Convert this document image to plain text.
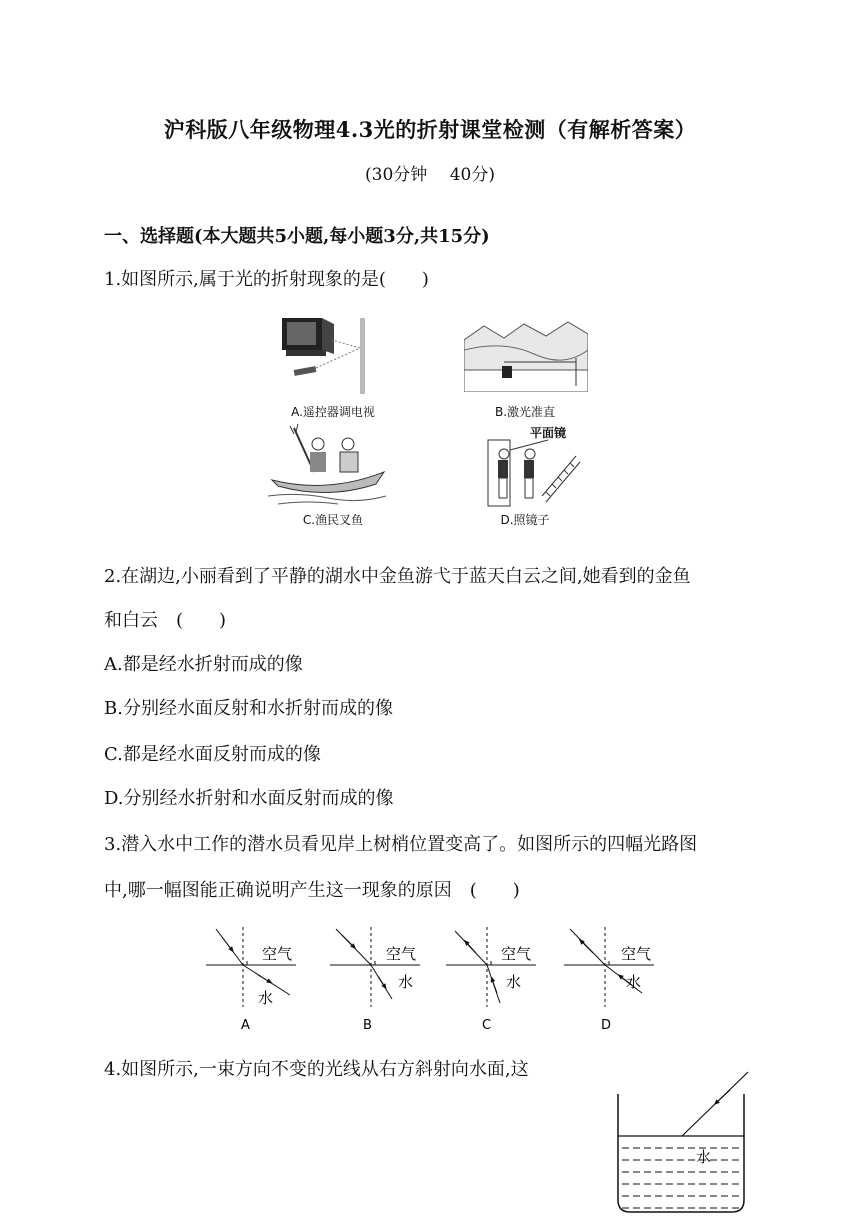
沪科版八年级物理4.3光的折射课堂检测（有解析答案）
(30分钟　 40分)
一、选择题(本大题共5小题,每小题3分,共15分)
1.如图所示,属于光的折射现象的是(　　)
A.遥控器调电视	B.激光准直
C.渔民叉鱼
平面镜
D.照镜子
2.在湖边,小丽看到了平静的湖水中金鱼游弋于蓝天白云之间,她看到的金鱼
和白云　(　　)
A.都是经水折射而成的像
B.分别经水面反射和水折射而成的像
C.都是经水面反射而成的像
D.分别经水折射和水面反射而成的像
3.潜入水中工作的潜水员看见岸上树梢位置变高了。如图所示的四幅光路图
中,哪一幅图能正确说明产生这一现象的原因　(　　)
空气
水
空气
水
空气
水
空气
水
A	B	C	D
4.如图所示,一束方向不变的光线从右方斜射向水面,这
水
